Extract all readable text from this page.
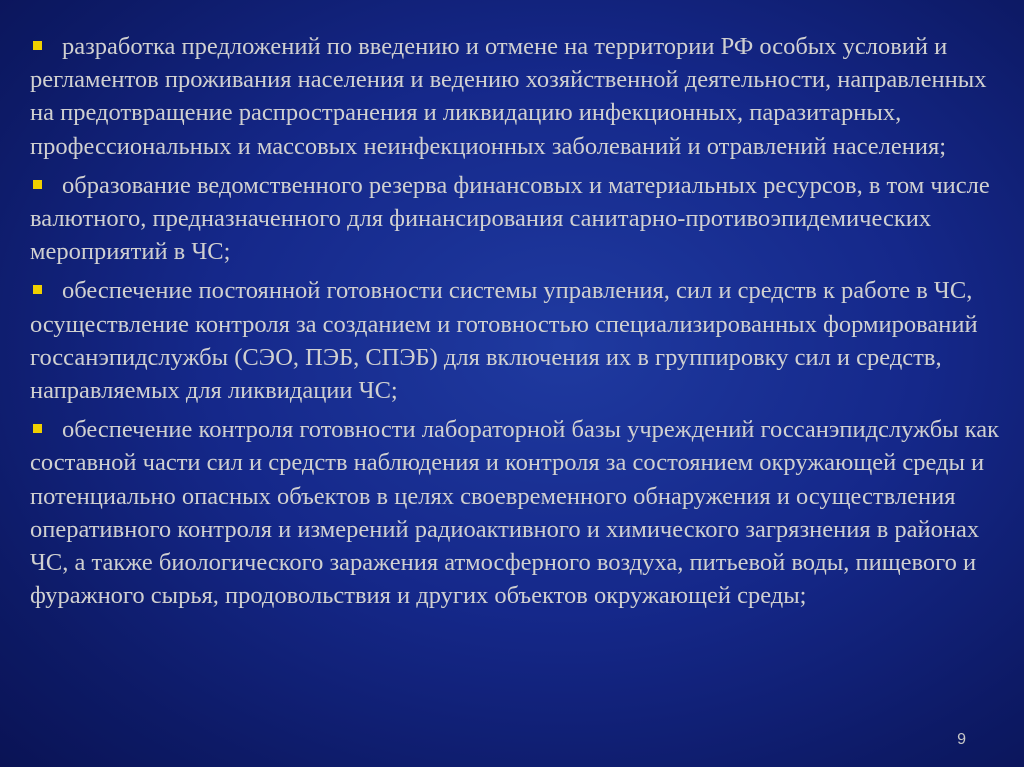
разработка предложений по введению и отмене на территории РФ особых условий и регламентов проживания населения и ведению хозяйственной деятельности, направленных на предотвращение распространения и ликвидацию инфекционных, паразитарных, профессиональных и массовых неинфекционных заболеваний и отравлений населения;

образование ведомственного резерва финансовых и материальных ресурсов, в том числе валютного, предназначенного для финансирования санитарно-противоэпидемических мероприятий в ЧС;

обеспечение постоянной готовности системы управления, сил и средств к работе в ЧС, осуществление контроля за созданием и готовностью специализированных формирований госсанэпидслужбы (СЭО, ПЭБ, СПЭБ) для включения их в группировку сил и средств, направляемых для ликвидации ЧС;

обеспечение контроля готовности лабораторной базы учреждений госсанэпидслужбы как составной части сил и средств наблюдения и контроля за состоянием окружающей среды и потенциально опасных объектов в целях своевременного обнаружения и осуществления оперативного контроля и измерений радиоактивного и химического загрязнения в районах ЧС, а также биологического заражения атмосферного воздуха, питьевой воды, пищевого и фуражного сырья, продовольствия и других объектов окружающей среды;

9
